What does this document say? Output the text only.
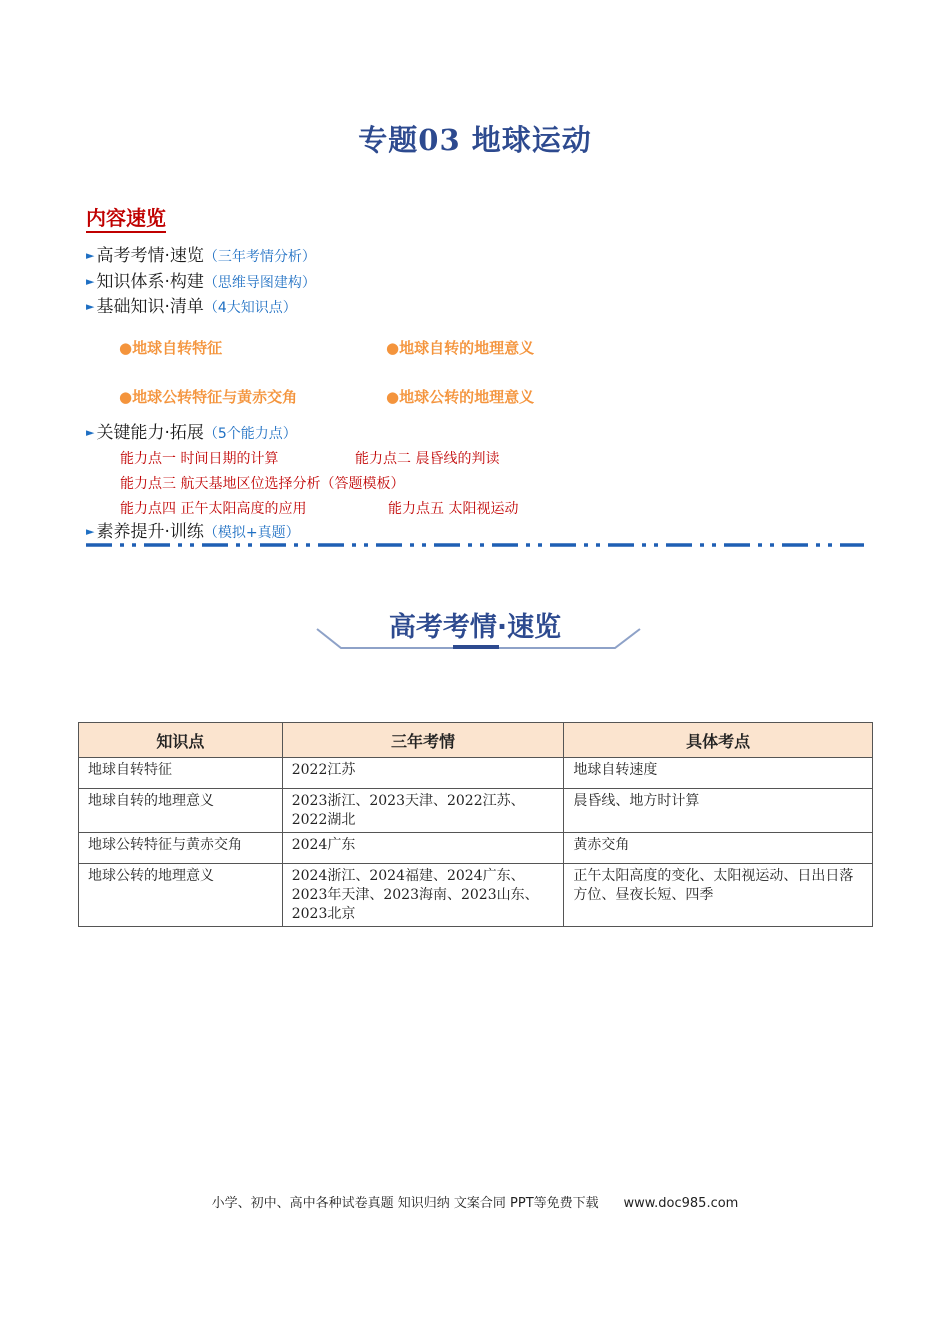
专题03 地球运动
内容速览
► 高考考情·速览（三年考情分析）
► 知识体系·构建（思维导图建构）
► 基础知识·清单（4大知识点）
●地球自转特征	●地球自转的地理意义
●地球公转特征与黄赤交角	●地球公转的地理意义
► 关键能力·拓展（5个能力点）
能力点一 时间日期的计算	能力点二 晨昏线的判读
能力点三 航天基地区位选择分析（答题模板）
能力点四 正午太阳高度的应用	能力点五 太阳视运动
► 素养提升·训练（模拟+真题）
高考考情·速览
知识点	三年考情	具体考点
地球自转特征	2022江苏	地球自转速度
地球自转的地理意义	2023浙江、2023天津、2022江苏、2022湖北	晨昏线、地方时计算
地球公转特征与黄赤交角	2024广东	黄赤交角
地球公转的地理意义	2024浙江、2024福建、2024广东、2023年天津、2023海南、2023山东、2023北京	正午太阳高度的变化、太阳视运动、日出日落方位、昼夜长短、四季
小学、初中、高中各种试卷真题 知识归纳 文案合同 PPT等免费下载      www.doc985.com
